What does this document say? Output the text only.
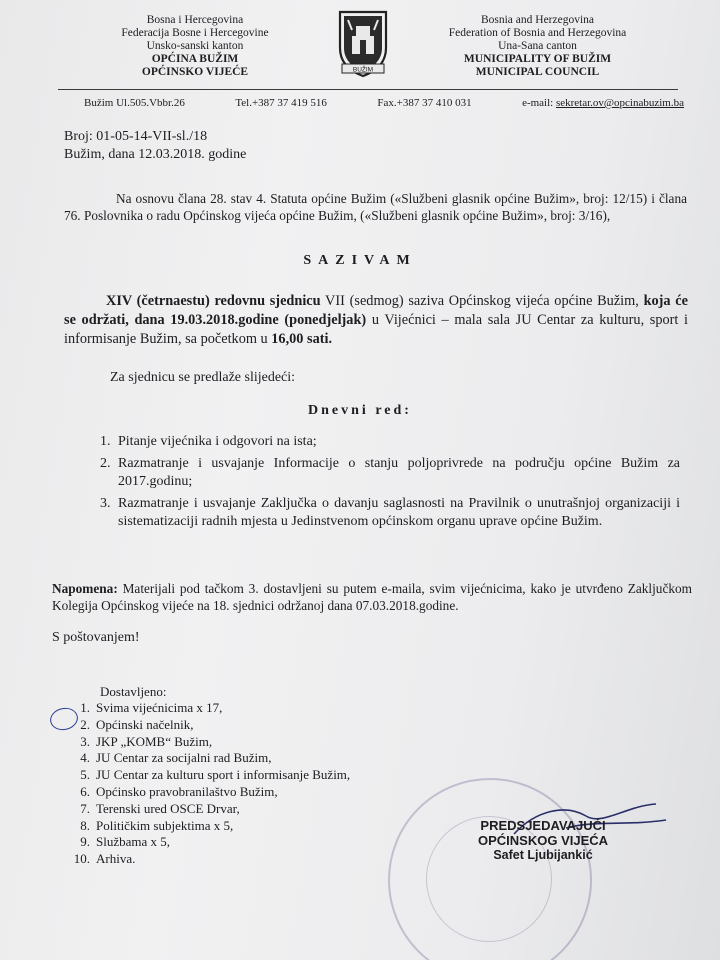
Bosna i Hercegovina
Federacija Bosne i Hercegovine
Unsko-sanski kanton
OPĆINA BUŽIM
OPĆINSKO VIJEĆE	BUŽIM
Bosnia and Herzegovina
Federation of Bosnia and Herzegovina
Una-Sana canton
MUNICIPALITY OF BUŽIM
MUNICIPAL COUNCIL
Bužim Ul.505.Vbbr.26	Tel.+387 37 419 516	Fax.+387 37 410 031	e-mail: sekretar.ov@opcinabuzim.ba
Broj: 01-05-14-VII-sl./18
Bužim, dana 12.03.2018. godine
Na osnovu člana 28. stav 4. Statuta općine Bužim («Službeni glasnik općine Bužim», broj: 12/15) i člana 76. Poslovnika o radu Općinskog vijeća općine Bužim, («Službeni glasnik općine Bužim», broj: 3/16),
SAZIVAM
XIV (četrnaestu) redovnu sjednicu VII (sedmog) saziva Općinskog vijeća općine Bužim, koja će se održati, dana 19.03.2018.godine (ponedjeljak) u Vijećnici – mala sala JU Centar za kulturu, sport i informisanje Bužim, sa početkom u 16,00 sati.
Za sjednicu se predlaže slijedeći:
Dnevni red:
1. Pitanje vijećnika i odgovori na ista;
2. Razmatranje i usvajanje Informacije o stanju poljoprivrede na području općine Bužim za 2017.godinu;
3. Razmatranje i usvajanje Zaključka o davanju saglasnosti na Pravilnik o unutrašnjoj organizaciji i sistematizaciji radnih mjesta u Jedinstvenom općinskom organu uprave općine Bužim.
Napomena: Materijali pod tačkom 3. dostavljeni su putem e-maila, svim vijećnicima, kako je utvrđeno Zaključkom Kolegija Općinskog vijeće na 18. sjednici održanoj dana 07.03.2018.godine.
S poštovanjem!
Dostavljeno:
1. Svima vijećnicima x 17,
2. Općinski načelnik,
3. JKP „KOMB“ Bužim,
4. JU Centar za socijalni rad Bužim,
5. JU Centar za kulturu sport i informisanje Bužim,
6. Općinsko pravobranilaštvo Bužim,
7. Terenski ured OSCE Drvar,
8. Političkim subjektima x 5,
9. Službama x 5,
10. Arhiva.
PREDSJEDAVAJUĆI
OPĆINSKOG VIJEĆA
Safet Ljubijankić
